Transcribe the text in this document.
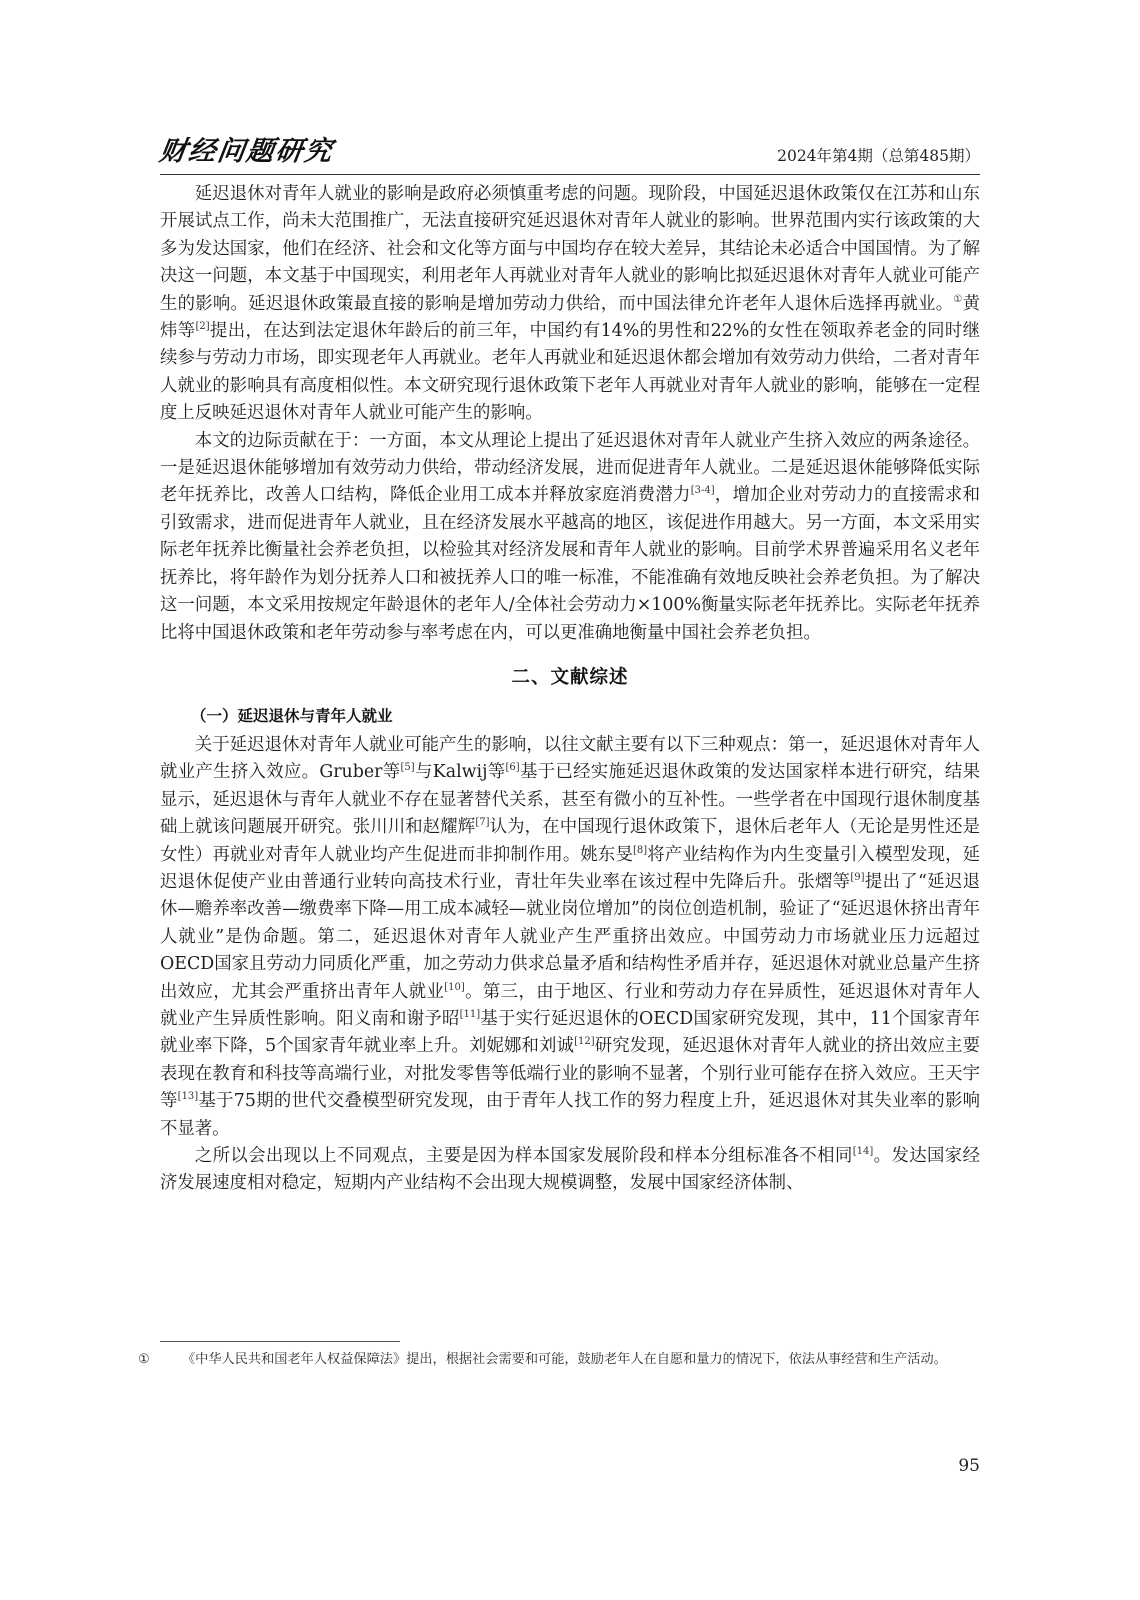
财经问题研究	2024年第4期（总第485期）

延迟退休对青年人就业的影响是政府必须慎重考虑的问题。现阶段，中国延迟退休政策仅在江苏和山东开展试点工作，尚未大范围推广，无法直接研究延迟退休对青年人就业的影响。世界范围内实行该政策的大多为发达国家，他们在经济、社会和文化等方面与中国均存在较大差异，其结论未必适合中国国情。为了解决这一问题，本文基于中国现实，利用老年人再就业对青年人就业的影响比拟延迟退休对青年人就业可能产生的影响。延迟退休政策最直接的影响是增加劳动力供给，而中国法律允许老年人退休后选择再就业。①黄炜等[2]提出，在达到法定退休年龄后的前三年，中国约有14%的男性和22%的女性在领取养老金的同时继续参与劳动力市场，即实现老年人再就业。老年人再就业和延迟退休都会增加有效劳动力供给，二者对青年人就业的影响具有高度相似性。本文研究现行退休政策下老年人再就业对青年人就业的影响，能够在一定程度上反映延迟退休对青年人就业可能产生的影响。

本文的边际贡献在于：一方面，本文从理论上提出了延迟退休对青年人就业产生挤入效应的两条途径。一是延迟退休能够增加有效劳动力供给，带动经济发展，进而促进青年人就业。二是延迟退休能够降低实际老年抚养比，改善人口结构，降低企业用工成本并释放家庭消费潜力[3-4]，增加企业对劳动力的直接需求和引致需求，进而促进青年人就业，且在经济发展水平越高的地区，该促进作用越大。另一方面，本文采用实际老年抚养比衡量社会养老负担，以检验其对经济发展和青年人就业的影响。目前学术界普遍采用名义老年抚养比，将年龄作为划分抚养人口和被抚养人口的唯一标准，不能准确有效地反映社会养老负担。为了解决这一问题，本文采用按规定年龄退休的老年人/全体社会劳动力×100%衡量实际老年抚养比。实际老年抚养比将中国退休政策和老年劳动参与率考虑在内，可以更准确地衡量中国社会养老负担。

二、文献综述
（一）延迟退休与青年人就业

关于延迟退休对青年人就业可能产生的影响，以往文献主要有以下三种观点：第一，延迟退休对青年人就业产生挤入效应。Gruber等[5]与Kalwij等[6]基于已经实施延迟退休政策的发达国家样本进行研究，结果显示，延迟退休与青年人就业不存在显著替代关系，甚至有微小的互补性。一些学者在中国现行退休制度基础上就该问题展开研究。张川川和赵耀辉[7]认为，在中国现行退休政策下，退休后老年人（无论是男性还是女性）再就业对青年人就业均产生促进而非抑制作用。姚东旻[8]将产业结构作为内生变量引入模型发现，延迟退休促使产业由普通行业转向高技术行业，青壮年失业率在该过程中先降后升。张熠等[9]提出了“延迟退休—赡养率改善—缴费率下降—用工成本减轻—就业岗位增加”的岗位创造机制，验证了“延迟退休挤出青年人就业”是伪命题。第二，延迟退休对青年人就业产生严重挤出效应。中国劳动力市场就业压力远超过OECD国家且劳动力同质化严重，加之劳动力供求总量矛盾和结构性矛盾并存，延迟退休对就业总量产生挤出效应，尤其会严重挤出青年人就业[10]。第三，由于地区、行业和劳动力存在异质性，延迟退休对青年人就业产生异质性影响。阳义南和谢予昭[11]基于实行延迟退休的OECD国家研究发现，其中，11个国家青年就业率下降，5个国家青年就业率上升。刘妮娜和刘诚[12]研究发现，延迟退休对青年人就业的挤出效应主要表现在教育和科技等高端行业，对批发零售等低端行业的影响不显著，个别行业可能存在挤入效应。王天宇等[13]基于75期的世代交叠模型研究发现，由于青年人找工作的努力程度上升，延迟退休对其失业率的影响不显著。

之所以会出现以上不同观点，主要是因为样本国家发展阶段和样本分组标准各不相同[14]。发达国家经济发展速度相对稳定，短期内产业结构不会出现大规模调整，发展中国家经济体制、

① 《中华人民共和国老年人权益保障法》提出，根据社会需要和可能，鼓励老年人在自愿和量力的情况下，依法从事经营和生产活动。
95
